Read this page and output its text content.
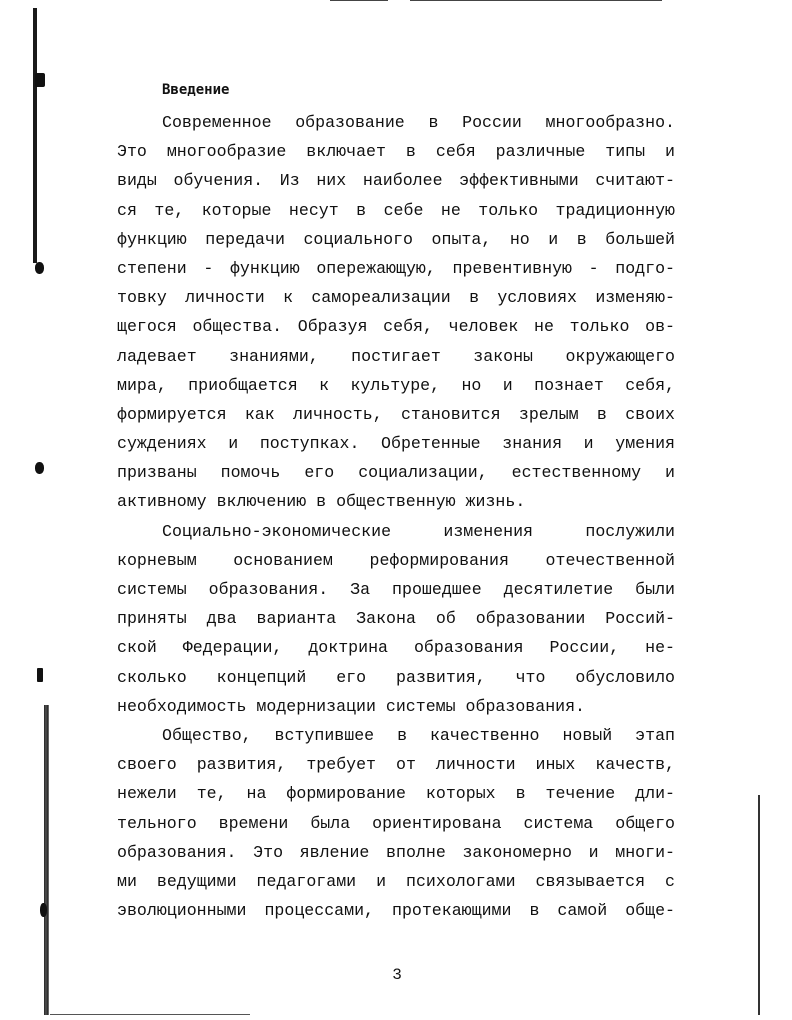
Введение
Современное образование в России многообразно.
Это многообразие включает в себя различные типы и
виды обучения. Из них наиболее эффективными считают-
ся те, которые несут в себе не только традиционную
функцию передачи социального опыта, но и в большей
степени - функцию опережающую, превентивную - подго-
товку личности к самореализации в условиях изменяю-
щегося общества. Образуя себя, человек не только ов-
ладевает знаниями, постигает законы окружающего
мира, приобщается к культуре, но и познает себя,
формируется как личность, становится зрелым в своих
суждениях и поступках. Обретенные знания и умения
призваны помочь его социализации, естественному и
активному включению в общественную жизнь.
Социально-экономические изменения послужили
корневым основанием реформирования отечественной
системы образования. За прошедшее десятилетие были
приняты два варианта Закона об образовании Россий-
ской Федерации, доктрина образования России, не-
сколько концепций его развития, что обусловило
необходимость модернизации системы образования.
Общество, вступившее в качественно новый этап
своего развития, требует от личности иных качеств,
нежели те, на формирование которых в течение дли-
тельного времени была ориентирована система общего
образования. Это явление вполне закономерно и многи-
ми ведущими педагогами и психологами связывается с
эволюционными процессами, протекающими в самой обще-
3
